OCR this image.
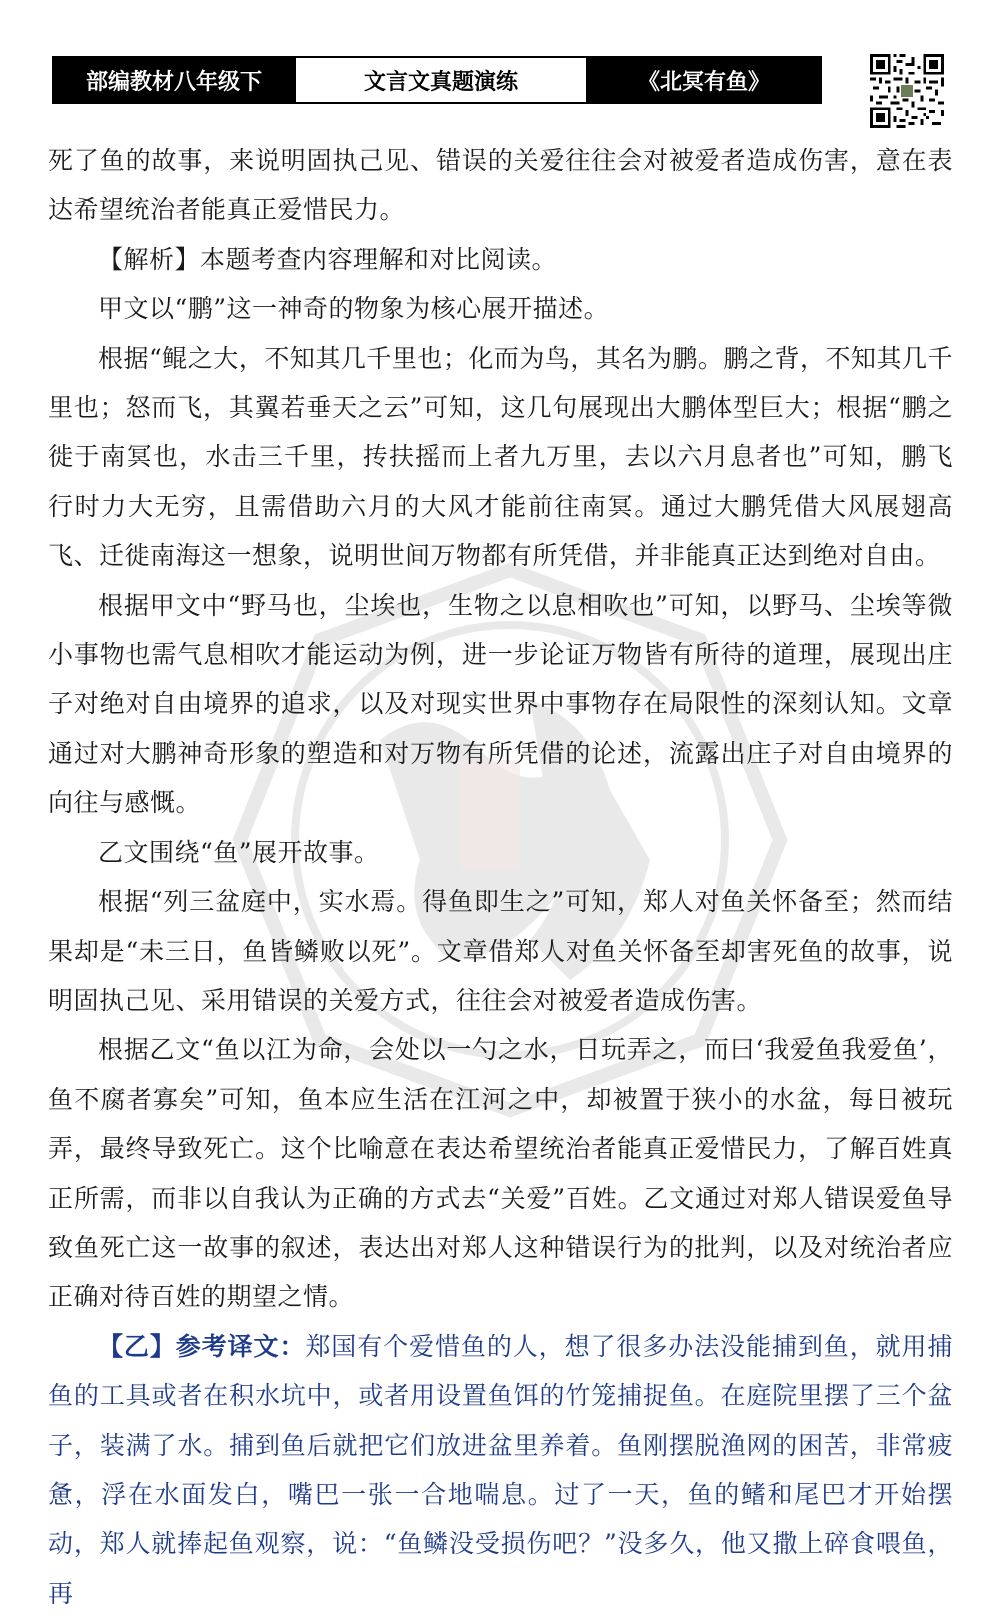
部编教材八年级下	文言文真题演练	《北冥有鱼》

死了鱼的故事，来说明固执己见、错误的关爱往往会对被爱者造成伤害，意在表达希望统治者能真正爱惜民力。

【解析】本题考查内容理解和对比阅读。

甲文以“鹏”这一神奇的物象为核心展开描述。

根据“鲲之大，不知其几千里也；化而为鸟，其名为鹏。鹏之背，不知其几千里也；怒而飞，其翼若垂天之云”可知，这几句展现出大鹏体型巨大；根据“鹏之徙于南冥也，水击三千里，抟扶摇而上者九万里，去以六月息者也”可知，鹏飞行时力大无穷，且需借助六月的大风才能前往南冥。通过大鹏凭借大风展翅高飞、迁徙南海这一想象，说明世间万物都有所凭借，并非能真正达到绝对自由。

根据甲文中“野马也，尘埃也，生物之以息相吹也”可知，以野马、尘埃等微小事物也需气息相吹才能运动为例，进一步论证万物皆有所待的道理，展现出庄子对绝对自由境界的追求，以及对现实世界中事物存在局限性的深刻认知。文章通过对大鹏神奇形象的塑造和对万物有所凭借的论述，流露出庄子对自由境界的向往与感慨。

乙文围绕“鱼”展开故事。

根据“列三盆庭中，实水焉。得鱼即生之”可知，郑人对鱼关怀备至；然而结果却是“未三日，鱼皆鳞败以死”。文章借郑人对鱼关怀备至却害死鱼的故事，说明固执己见、采用错误的关爱方式，往往会对被爱者造成伤害。

根据乙文“鱼以江为命，会处以一勺之水，日玩弄之，而曰‘我爱鱼我爱鱼’，鱼不腐者寡矣”可知，鱼本应生活在江河之中，却被置于狭小的水盆，每日被玩弄，最终导致死亡。这个比喻意在表达希望统治者能真正爱惜民力，了解百姓真正所需，而非以自我认为正确的方式去“关爱”百姓。乙文通过对郑人错误爱鱼导致鱼死亡这一故事的叙述，表达出对郑人这种错误行为的批判，以及对统治者应正确对待百姓的期望之情。

【乙】参考译文：郑国有个爱惜鱼的人，想了很多办法没能捕到鱼，就用捕鱼的工具或者在积水坑中，或者用设置鱼饵的竹笼捕捉鱼。在庭院里摆了三个盆子，装满了水。捕到鱼后就把它们放进盆里养着。鱼刚摆脱渔网的困苦，非常疲惫，浮在水面发白，嘴巴一张一合地喘息。过了一天，鱼的鳍和尾巴才开始摆动，郑人就捧起鱼观察，说：“鱼鳞没受损伤吧？”没多久，他又撒上碎食喂鱼，再
